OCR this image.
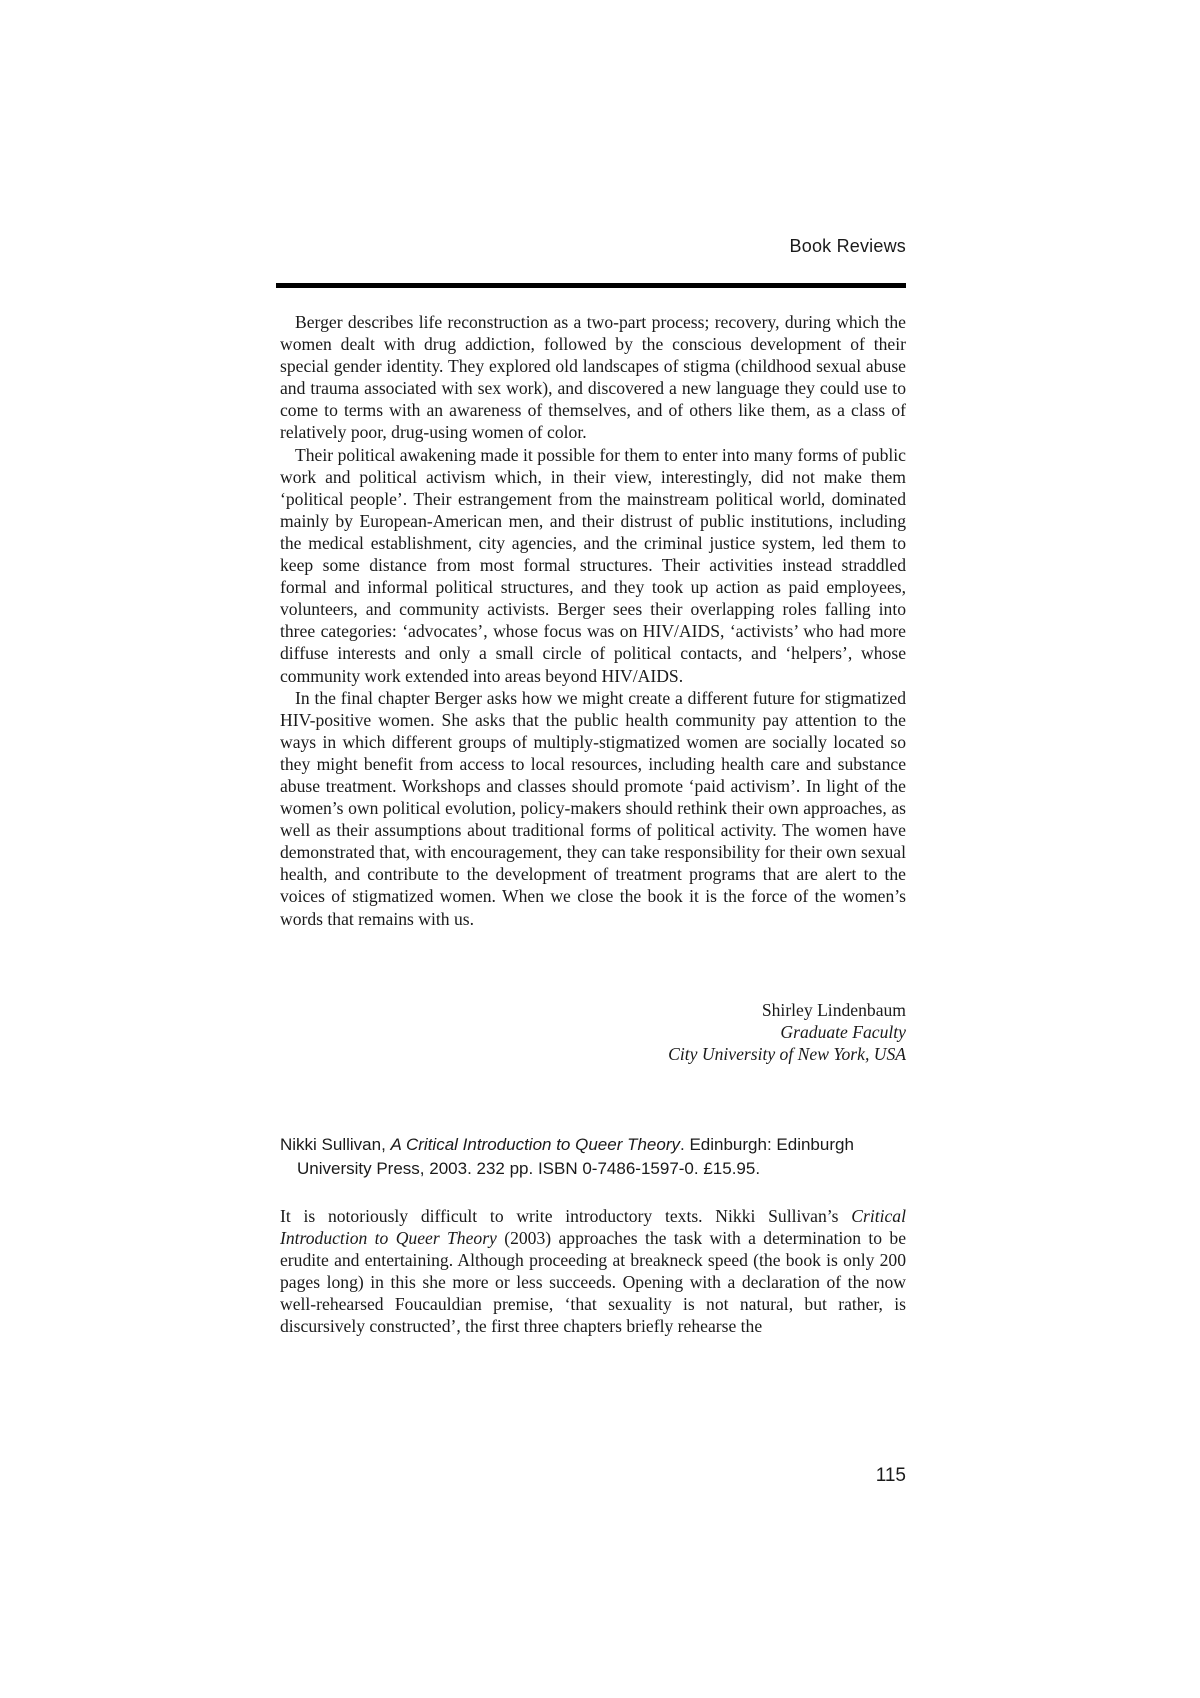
Book Reviews

Berger describes life reconstruction as a two-part process; recovery, during which the women dealt with drug addiction, followed by the conscious development of their special gender identity. They explored old landscapes of stigma (childhood sexual abuse and trauma associated with sex work), and discovered a new language they could use to come to terms with an awareness of themselves, and of others like them, as a class of relatively poor, drug-using women of color.

Their political awakening made it possible for them to enter into many forms of public work and political activism which, in their view, interestingly, did not make them ‘political people’. Their estrangement from the mainstream political world, dominated mainly by European-American men, and their distrust of public institutions, including the medical establishment, city agencies, and the criminal justice system, led them to keep some distance from most formal structures. Their activities instead straddled formal and informal political structures, and they took up action as paid employees, volunteers, and community activists. Berger sees their overlapping roles falling into three categories: ‘advocates’, whose focus was on HIV/AIDS, ‘activists’ who had more diffuse interests and only a small circle of political contacts, and ‘helpers’, whose community work extended into areas beyond HIV/AIDS.

In the final chapter Berger asks how we might create a different future for stigmatized HIV-positive women. She asks that the public health community pay attention to the ways in which different groups of multiply-stigmatized women are socially located so they might benefit from access to local resources, including health care and substance abuse treatment. Workshops and classes should promote ‘paid activism’. In light of the women’s own political evolution, policy-makers should rethink their own approaches, as well as their assumptions about traditional forms of political activity. The women have demonstrated that, with encouragement, they can take responsibility for their own sexual health, and contribute to the development of treatment programs that are alert to the voices of stigmatized women. When we close the book it is the force of the women’s words that remains with us.

Shirley Lindenbaum
Graduate Faculty
City University of New York, USA
Nikki Sullivan, A Critical Introduction to Queer Theory. Edinburgh: Edinburgh University Press, 2003. 232 pp. ISBN 0-7486-1597-0. £15.95.

It is notoriously difficult to write introductory texts. Nikki Sullivan’s Critical Introduction to Queer Theory (2003) approaches the task with a determination to be erudite and entertaining. Although proceeding at breakneck speed (the book is only 200 pages long) in this she more or less succeeds. Opening with a declaration of the now well-rehearsed Foucauldian premise, ‘that sexuality is not natural, but rather, is discursively constructed’, the first three chapters briefly rehearse the

115
